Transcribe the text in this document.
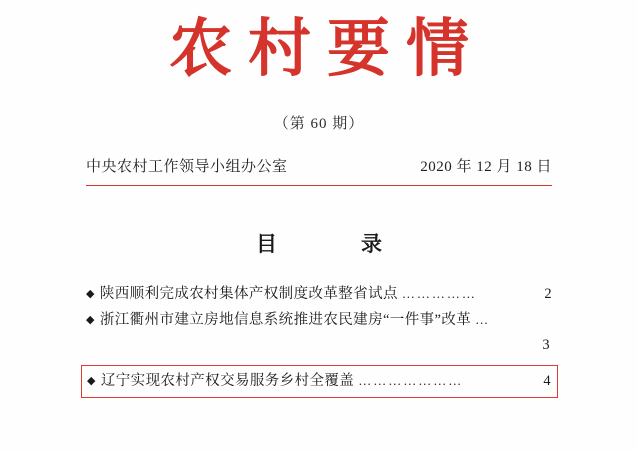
农村要情
（第 60 期）
中央农村工作领导小组办公室	2020 年 12 月 18 日
目　　录
◆ 陕西顺利完成农村集体产权制度改革整省试点 ……………	2
◆ 浙江衢州市建立房地信息系统推进农民建房“一件事”改革 …
3
◆ 辽宁实现农村产权交易服务乡村全覆盖 …………………	4
